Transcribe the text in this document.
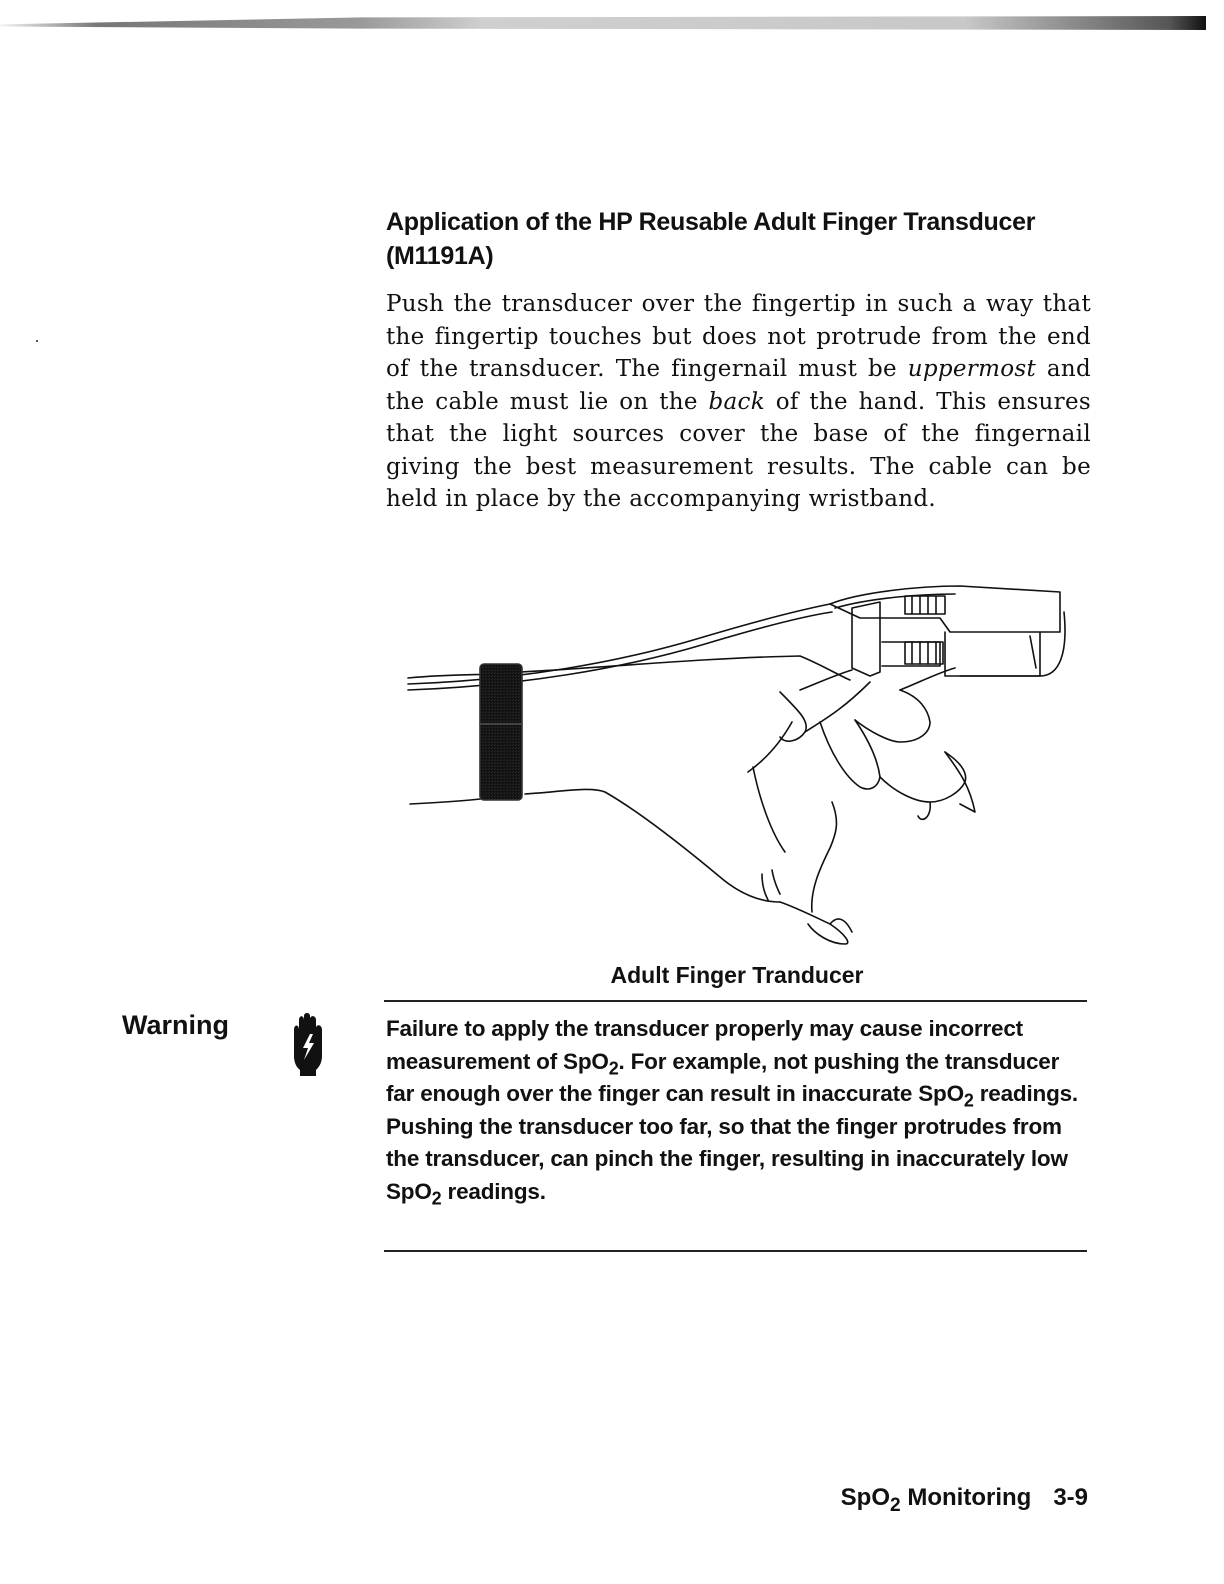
Application of the HP Reusable Adult Finger Transducer
(M1191A)

Push the transducer over the fingertip in such a way that the fingertip touches but does not protrude from the end of the transducer. The fingernail must be uppermost and the cable must lie on the back of the hand. This ensures that the light sources cover the base of the fingernail giving the best measurement results. The cable can be held in place by the accompanying wristband.

Adult Finger Tranducer

Warning	Failure to apply the transducer properly may cause incorrect measurement of SpO$_2$. For example, not pushing the transducer far enough over the finger can result in inaccurate SpO$_2$ readings. Pushing the transducer too far, so that the finger protrudes from the transducer, can pinch the finger, resulting in inaccurately low SpO$_2$ readings.

SpO$_2$ Monitoring 3-9
